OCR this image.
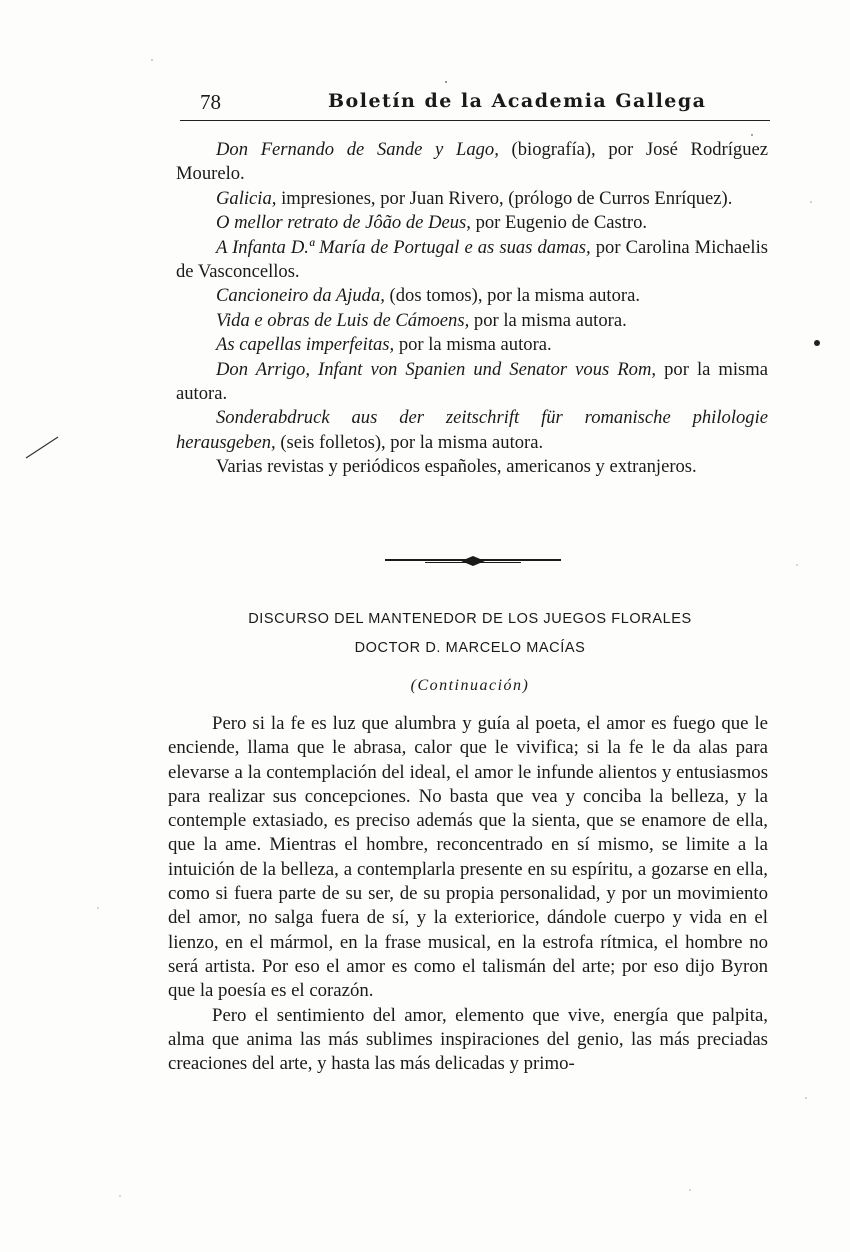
78	Boletín de la Academia Gallega

Don Fernando de Sande y Lago, (biografía), por José Rodríguez Mourelo.

Galicia, impresiones, por Juan Rivero, (prólogo de Curros Enríquez).

O mellor retrato de Jôão de Deus, por Eugenio de Castro.

A Infanta D.ª María de Portugal e as suas damas, por Carolina Michaelis de Vasconcellos.

Cancioneiro da Ajuda, (dos tomos), por la misma autora.

Vida e obras de Luis de Cámoens, por la misma autora.

As capellas imperfeitas, por la misma autora.

Don Arrigo, Infant von Spanien und Senator vous Rom, por la misma autora.

Sonderabdruck aus der zeitschrift für romanische philologie herausgeben, (seis folletos), por la misma autora.

Varias revistas y periódicos españoles, americanos y extranjeros.

DISCURSO DEL MANTENEDOR DE LOS JUEGOS FLORALES
DOCTOR D. MARCELO MACÍAS
(Continuación)

Pero si la fe es luz que alumbra y guía al poeta, el amor es fuego que le enciende, llama que le abrasa, calor que le vivifica; si la fe le da alas para elevarse a la contemplación del ideal, el amor le infunde alientos y entusiasmos para realizar sus concepciones. No basta que vea y conciba la belleza, y la contemple extasiado, es preciso además que la sienta, que se enamore de ella, que la ame. Mientras el hombre, reconcentrado en sí mismo, se limite a la intuición de la belleza, a contemplarla presente en su espíritu, a gozarse en ella, como si fuera parte de su ser, de su propia personalidad, y por un movimiento del amor, no salga fuera de sí, y la exteriorice, dándole cuerpo y vida en el lienzo, en el mármol, en la frase musical, en la estrofa rítmica, el hombre no será artista. Por eso el amor es como el talismán del arte; por eso dijo Byron que la poesía es el corazón.

Pero el sentimiento del amor, elemento que vive, energía que palpita, alma que anima las más sublimes inspiraciones del genio, las más preciadas creaciones del arte, y hasta las más delicadas y primo-
